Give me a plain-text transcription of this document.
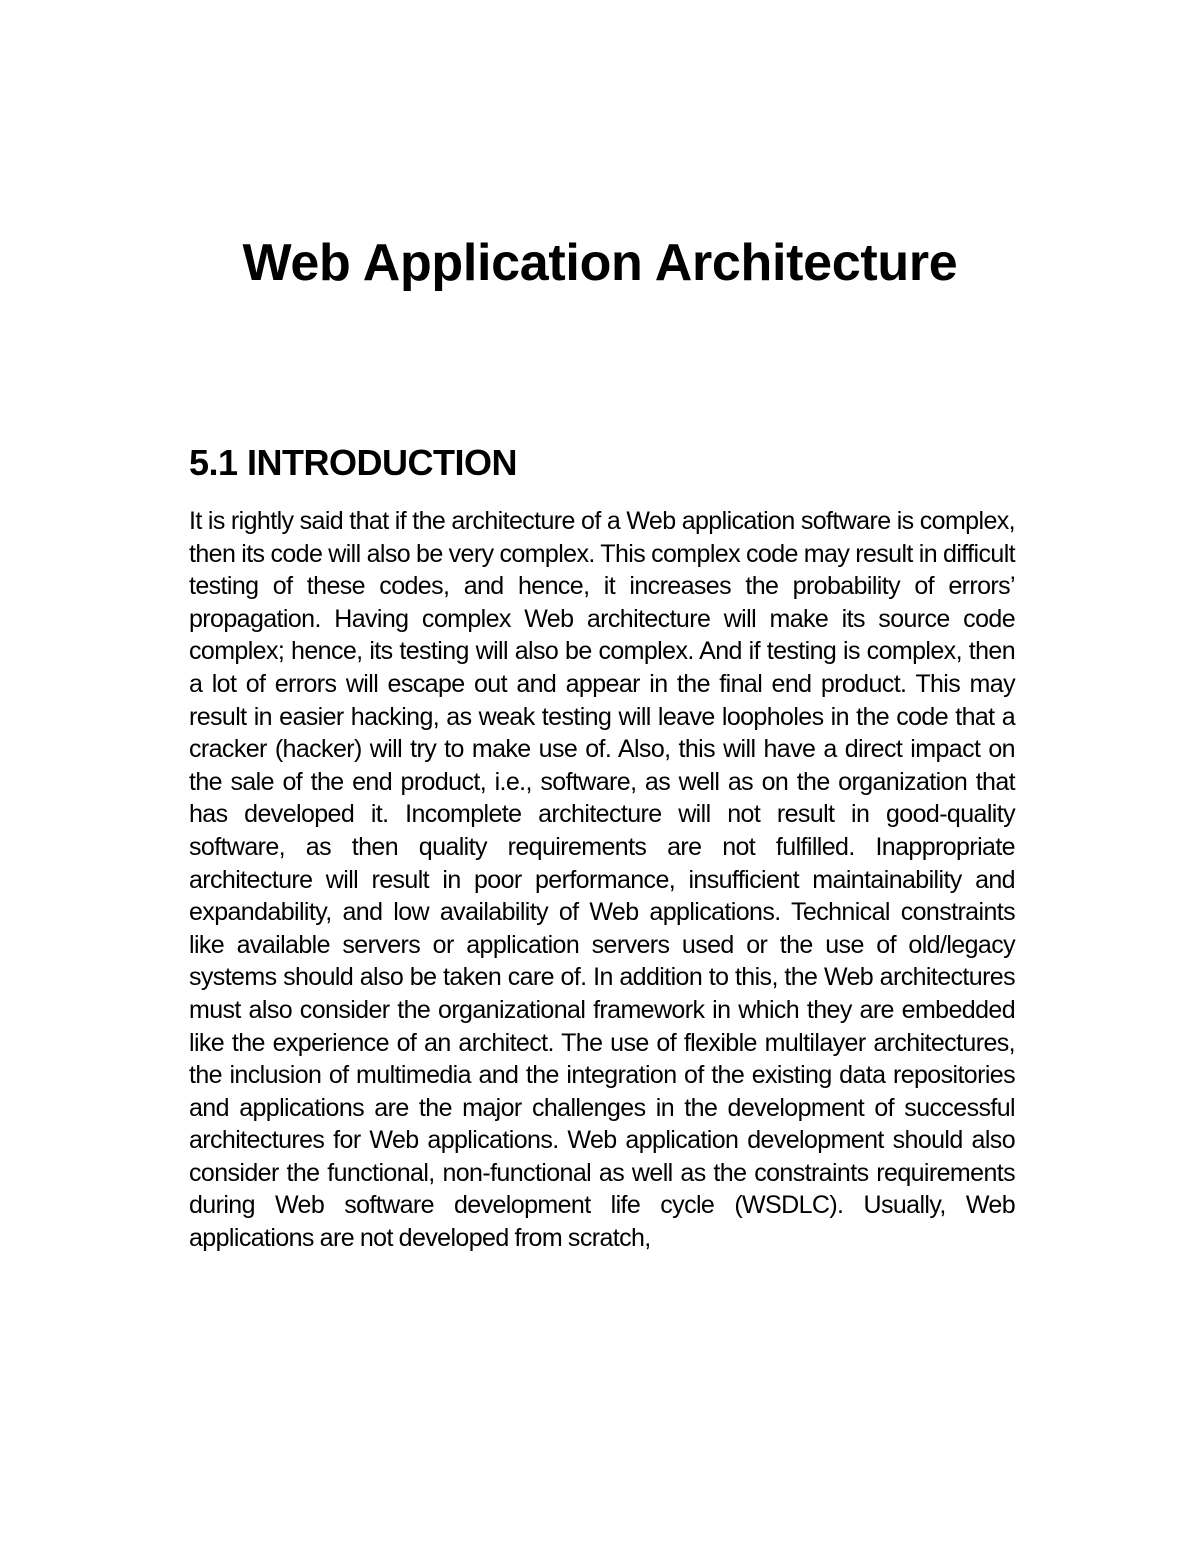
Web Application Architecture
5.1 INTRODUCTION

It is rightly said that if the architecture of a Web application software is complex, then its code will also be very complex. This complex code may result in difficult testing of these codes, and hence, it increases the probability of errors’ propagation. Having complex Web architecture will make its source code complex; hence, its testing will also be complex. And if testing is complex, then a lot of errors will escape out and appear in the final end product. This may result in easier hacking, as weak testing will leave loopholes in the code that a cracker (hacker) will try to make use of. Also, this will have a direct impact on the sale of the end product, i.e., software, as well as on the organization that has developed it. Incomplete architecture will not result in good-quality software, as then quality requirements are not fulfilled. Inappropriate architecture will result in poor performance, insufficient maintainability and expandability, and low availability of Web applications. Technical constraints like available servers or application servers used or the use of old/legacy systems should also be taken care of. In addition to this, the Web architectures must also consider the organizational framework in which they are embedded like the experience of an architect. The use of flexible multilayer architectures, the inclusion of multimedia and the integration of the existing data repositories and applications are the major challenges in the development of successful architectures for Web applications. Web application development should also consider the functional, non-functional as well as the constraints requirements during Web software development life cycle (WSDLC). Usually, Web applications are not developed from scratch,
